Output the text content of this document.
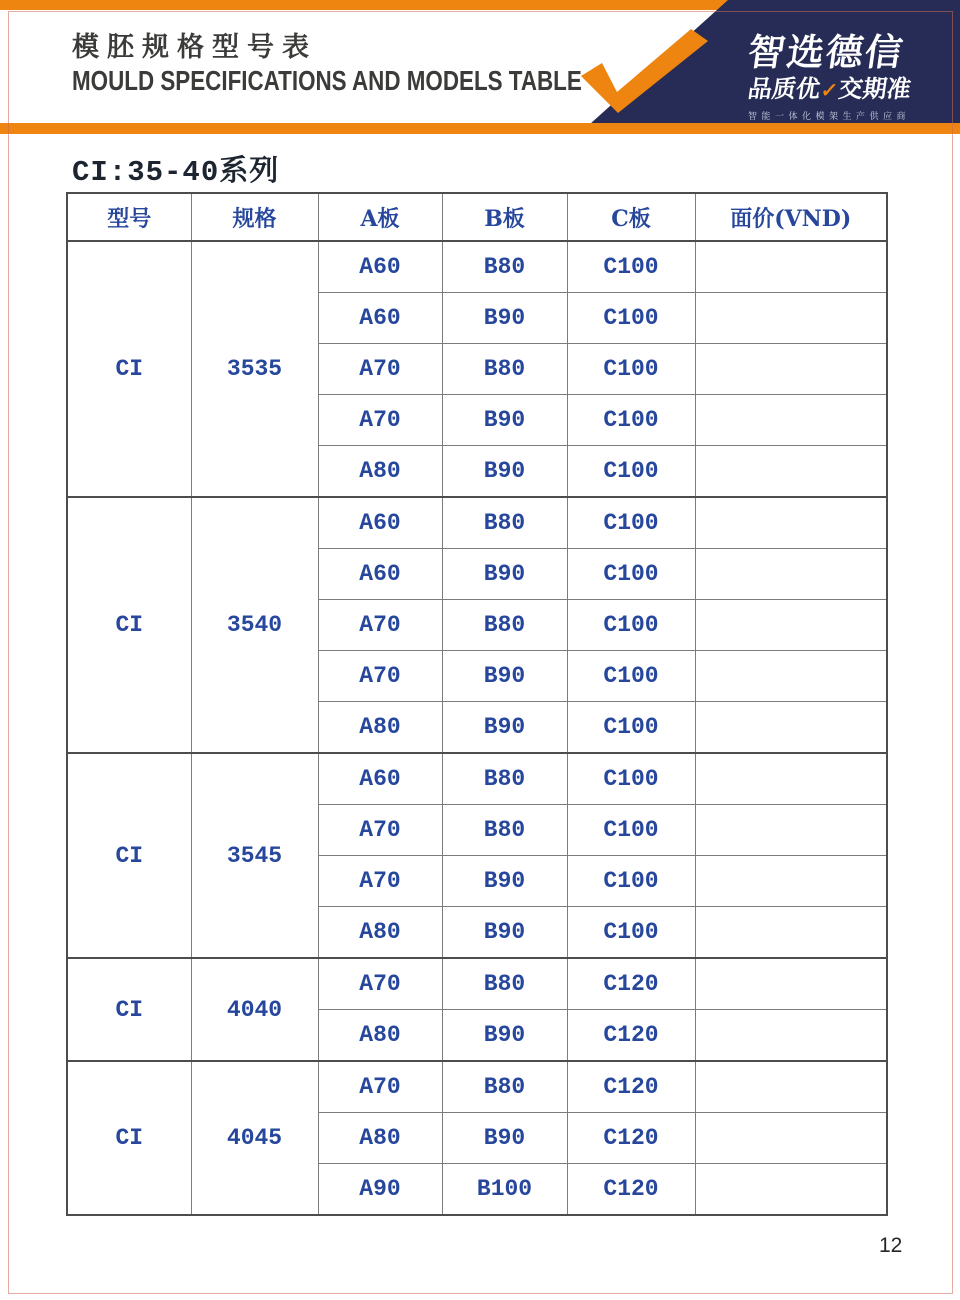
模胚规格型号表
MOULD SPECIFICATIONS AND MODELS TABLE
智选德信
品质优✓交期准
智能一体化模架生产供应商
CI:35-40系列
型号	规格	A板	B板	C板	面价(VND)
CI	3535	A60	B80	C100	
		A60	B90	C100	
		A70	B80	C100	
		A70	B90	C100	
		A80	B90	C100	
CI	3540	A60	B80	C100	
		A60	B90	C100	
		A70	B80	C100	
		A70	B90	C100	
		A80	B90	C100	
CI	3545	A60	B80	C100	
		A70	B80	C100	
		A70	B90	C100	
		A80	B90	C100	
CI	4040	A70	B80	C120	
		A80	B90	C120	
CI	4045	A70	B80	C120	
		A80	B90	C120	
		A90	B100	C120	
12
